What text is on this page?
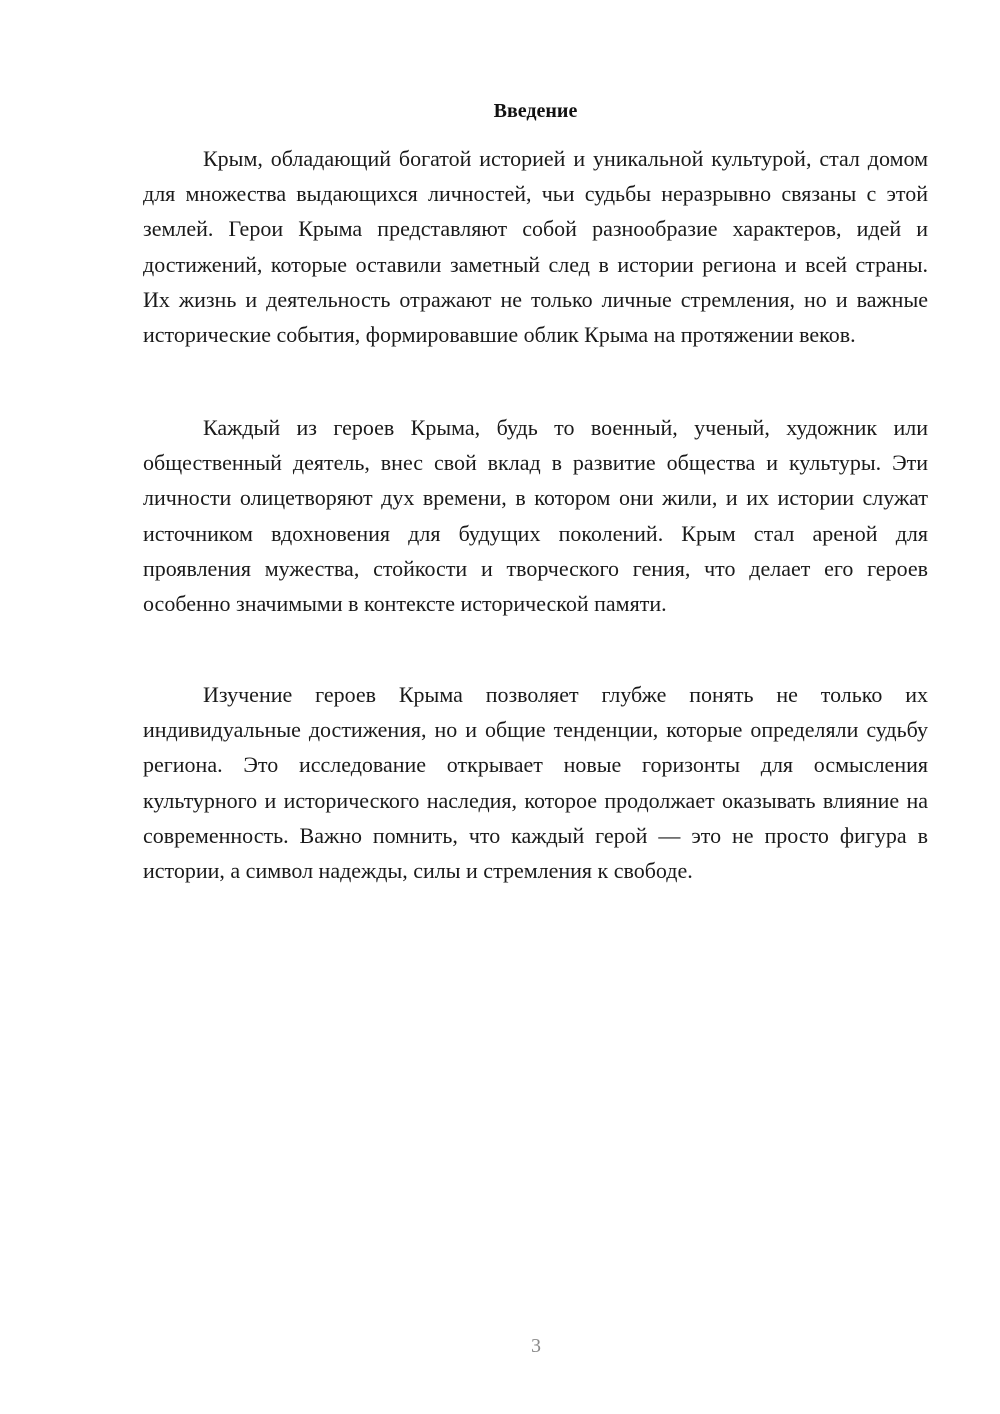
Введение

Крым, обладающий богатой историей и уникальной культурой, стал домом для множества выдающихся личностей, чьи судьбы неразрывно связаны с этой землей. Герои Крыма представляют собой разнообразие характеров, идей и достижений, которые оставили заметный след в истории региона и всей страны. Их жизнь и деятельность отражают не только личные стремления, но и важные исторические события, формировавшие облик Крыма на протяжении веков.

Каждый из героев Крыма, будь то военный, ученый, художник или общественный деятель, внес свой вклад в развитие общества и культуры. Эти личности олицетворяют дух времени, в котором они жили, и их истории служат источником вдохновения для будущих поколений. Крым стал ареной для проявления мужества, стойкости и творческого гения, что делает его героев особенно значимыми в контексте исторической памяти.

Изучение героев Крыма позволяет глубже понять не только их индивидуальные достижения, но и общие тенденции, которые определяли судьбу региона. Это исследование открывает новые горизонты для осмысления культурного и исторического наследия, которое продолжает оказывать влияние на современность. Важно помнить, что каждый герой — это не просто фигура в истории, а символ надежды, силы и стремления к свободе.

3
